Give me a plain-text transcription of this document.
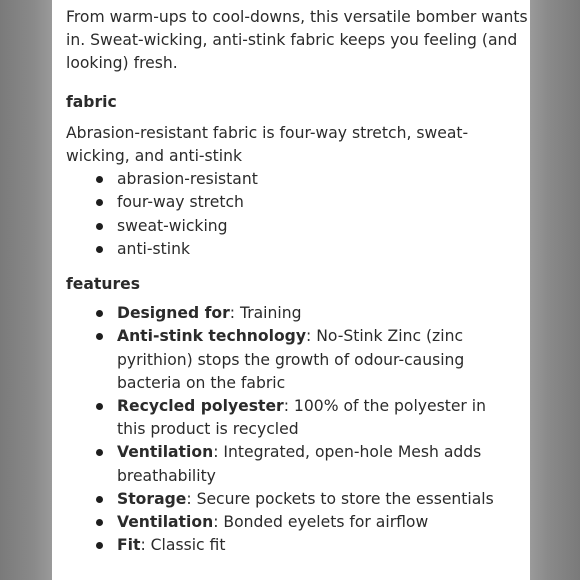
From warm-ups to cool-downs, this versatile bomber wants in. Sweat-wicking, anti-stink fabric keeps you feeling (and looking) fresh.

fabric

Abrasion-resistant fabric is four-way stretch, sweat-wicking, and anti-stink

abrasion-resistant
four-way stretch
sweat-wicking
anti-stink

features

Designed for: Training
Anti-stink technology: No-Stink Zinc (zinc pyrithion) stops the growth of odour-causing bacteria on the fabric
Recycled polyester: 100% of the polyester in this product is recycled
Ventilation: Integrated, open-hole Mesh adds breathability
Storage: Secure pockets to store the essentials
Ventilation: Bonded eyelets for airflow
Fit: Classic fit
